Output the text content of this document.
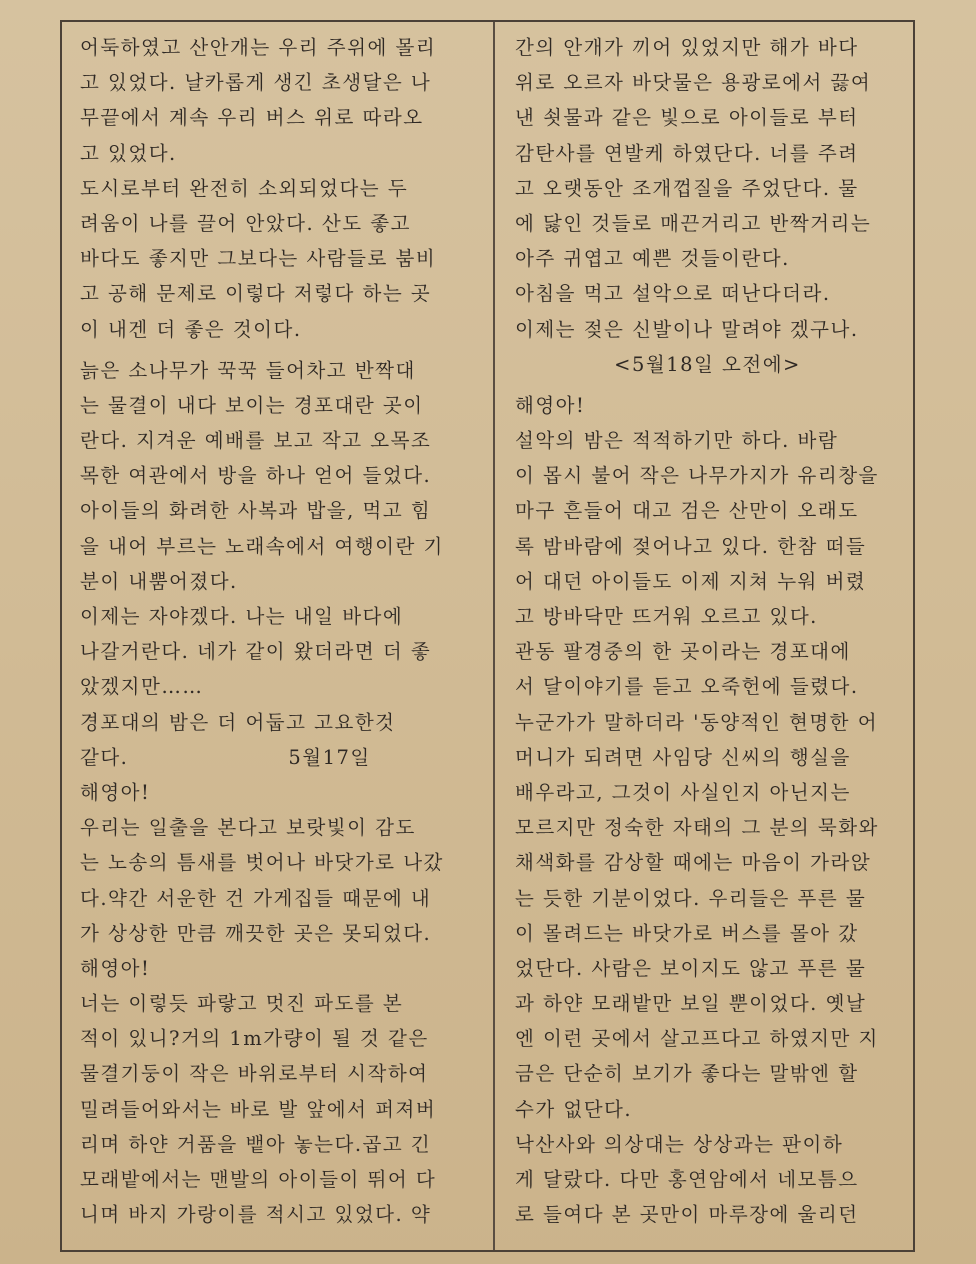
어둑하였고 산안개는 우리 주위에 몰리
고 있었다. 날카롭게 생긴 초생달은 나
무끝에서 계속 우리 버스 위로 따라오
고 있었다.
도시로부터 완전히 소외되었다는 두
려움이 나를 끌어 안았다. 산도 좋고
바다도 좋지만 그보다는 사람들로 붐비
고 공해 문제로 이렇다 저렇다 하는 곳
이 내겐 더 좋은 것이다.
늙은 소나무가 꾹꾹 들어차고 반짝대
는 물결이 내다 보이는 경포대란 곳이
란다. 지겨운 예배를 보고 작고 오목조
목한 여관에서 방을 하나 얻어 들었다.
아이들의 화려한 사복과 밥을, 먹고 힘
을 내어 부르는 노래속에서 여행이란 기
분이 내뿜어졌다.
이제는 자야겠다. 나는 내일 바다에
나갈거란다. 네가 같이 왔더라면 더 좋
았겠지만……
경포대의 밤은 더 어둡고 고요한것
같다.	5월17일
해영아!
우리는 일출을 본다고 보랏빛이 감도
는 노송의 틈새를 벗어나 바닷가로 나갔
다.약간 서운한 건 가게집들 때문에 내
가 상상한 만큼 깨끗한 곳은 못되었다.
해영아!
너는 이렇듯 파랗고 멋진 파도를 본
적이 있니?거의 1m가량이 될 것 같은
물결기둥이 작은 바위로부터 시작하여
밀려들어와서는 바로 발 앞에서 퍼져버
리며 하얀 거품을 뱉아 놓는다.곱고 긴
모래밭에서는 맨발의 아이들이 뛰어 다
니며 바지 가랑이를 적시고 있었다. 약
간의 안개가 끼어 있었지만 해가 바다
위로 오르자 바닷물은 용광로에서 끓여
낸 쇳물과 같은 빛으로 아이들로 부터
감탄사를 연발케 하였단다. 너를 주려
고 오랫동안 조개껍질을 주었단다. 물
에 닳인 것들로 매끈거리고 반짝거리는
아주 귀엽고 예쁜 것들이란다.
아침을 먹고 설악으로 떠난다더라.
이제는 젖은 신발이나 말려야 겠구나.
<5월18일 오전에>
해영아!
설악의 밤은 적적하기만 하다. 바람
이 몹시 불어 작은 나무가지가 유리창을
마구 흔들어 대고 검은 산만이 오래도
록 밤바람에 젖어나고 있다. 한참 떠들
어 대던 아이들도 이제 지쳐 누워 버렸
고 방바닥만 뜨거워 오르고 있다.
관동 팔경중의 한 곳이라는 경포대에
서 달이야기를 듣고 오죽헌에 들렸다.
누군가가 말하더라 '동양적인 현명한 어
머니가 되려면 사임당 신씨의 행실을
배우라고, 그것이 사실인지 아닌지는
모르지만 정숙한 자태의 그 분의 묵화와
채색화를 감상할 때에는 마음이 가라앉
는 듯한 기분이었다. 우리들은 푸른 물
이 몰려드는 바닷가로 버스를 몰아 갔
었단다. 사람은 보이지도 않고 푸른 물
과 하얀 모래밭만 보일 뿐이었다. 옛날
엔 이런 곳에서 살고프다고 하였지만 지
금은 단순히 보기가 좋다는 말밖엔 할
수가 없단다.
낙산사와 의상대는 상상과는 판이하
게 달랐다. 다만 홍연암에서 네모틈으
로 들여다 본 곳만이 마루장에 울리던
